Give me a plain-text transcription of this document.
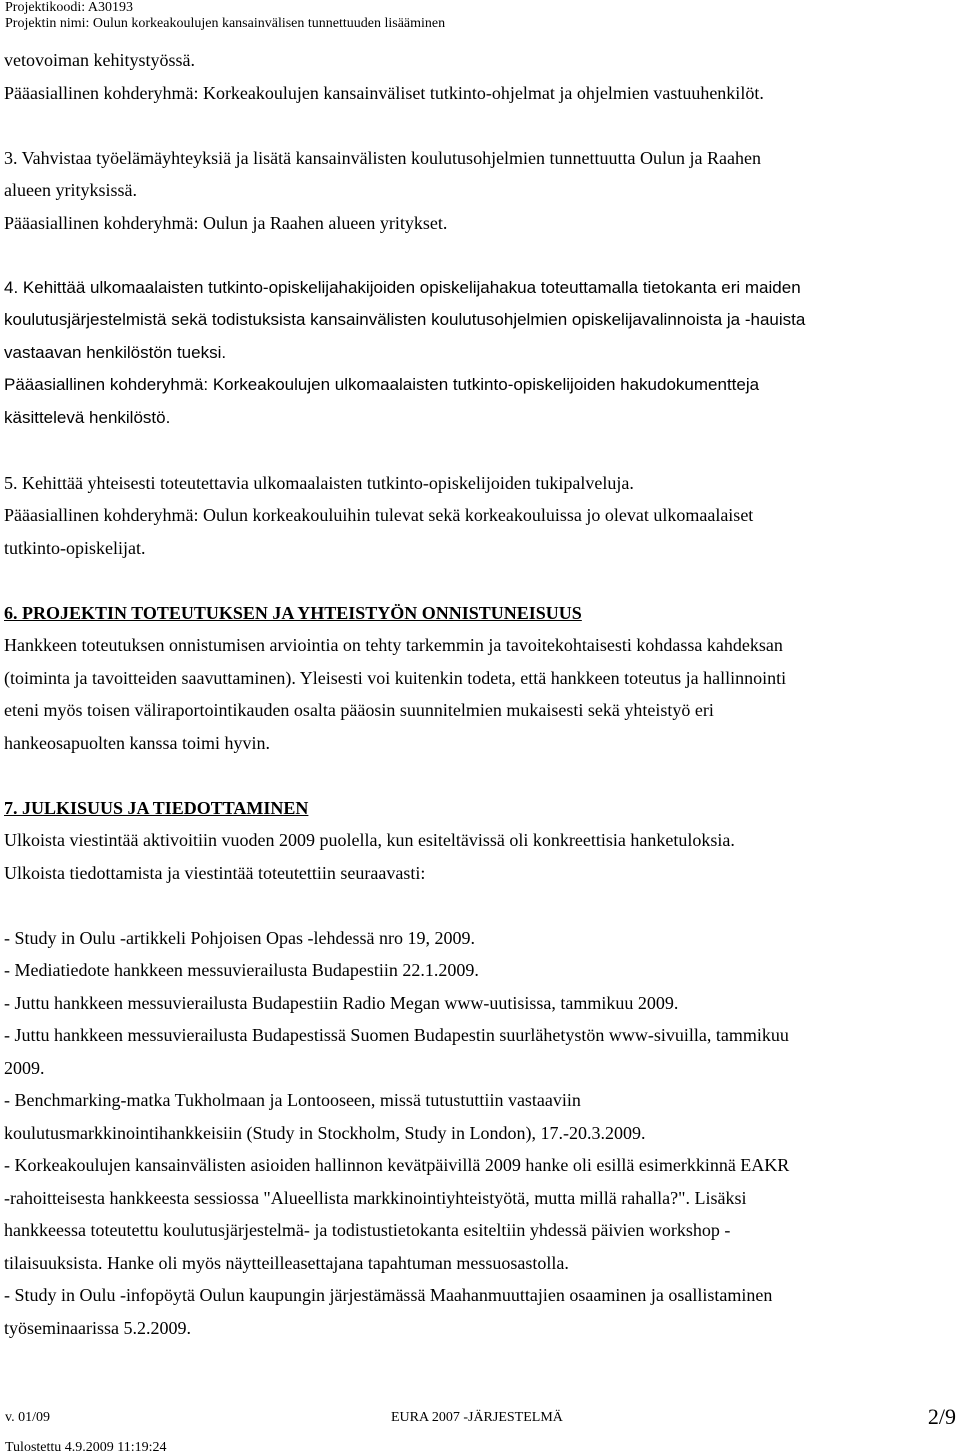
Projektikoodi: A30193
Projektin nimi: Oulun korkeakoulujen kansainvälisen tunnettuuden lisääminen

vetovoiman kehitystyössä.

Pääasiallinen kohderyhmä: Korkeakoulujen kansainväliset tutkinto-ohjelmat ja ohjelmien vastuuhenkilöt.

3. Vahvistaa työelämäyhteyksiä ja lisätä kansainvälisten koulutusohjelmien tunnettuutta Oulun ja Raahen

alueen yrityksissä.

Pääasiallinen kohderyhmä: Oulun ja Raahen alueen yritykset.

4. Kehittää ulkomaalaisten tutkinto-opiskelijahakijoiden opiskelijahakua toteuttamalla tietokanta eri maiden

koulutusjärjestelmistä sekä todistuksista kansainvälisten koulutusohjelmien opiskelijavalinnoista ja -hauista

vastaavan henkilöstön tueksi.

Pääasiallinen kohderyhmä: Korkeakoulujen ulkomaalaisten tutkinto-opiskelijoiden hakudokumentteja

käsittelevä henkilöstö.

5. Kehittää yhteisesti toteutettavia ulkomaalaisten tutkinto-opiskelijoiden tukipalveluja.

Pääasiallinen kohderyhmä: Oulun korkeakouluihin tulevat sekä korkeakouluissa jo olevat ulkomaalaiset

tutkinto-opiskelijat.

6. PROJEKTIN TOTEUTUKSEN JA YHTEISTYÖN ONNISTUNEISUUS

Hankkeen toteutuksen onnistumisen arviointia on tehty tarkemmin ja tavoitekohtaisesti kohdassa kahdeksan

(toiminta ja tavoitteiden saavuttaminen). Yleisesti voi kuitenkin todeta, että hankkeen toteutus ja hallinnointi

eteni myös toisen väliraportointikauden osalta pääosin suunnitelmien mukaisesti sekä yhteistyö eri

hankeosapuolten kanssa toimi hyvin.

7. JULKISUUS JA TIEDOTTAMINEN

Ulkoista viestintää aktivoitiin vuoden 2009 puolella, kun esiteltävissä oli konkreettisia hanketuloksia.

Ulkoista tiedottamista ja viestintää toteutettiin seuraavasti:

- Study in Oulu -artikkeli Pohjoisen Opas -lehdessä nro 19, 2009.

- Mediatiedote hankkeen messuvierailusta Budapestiin 22.1.2009.

- Juttu hankkeen messuvierailusta Budapestiin Radio Megan www-uutisissa, tammikuu 2009.

- Juttu hankkeen messuvierailusta Budapestissä Suomen Budapestin suurlähetystön www-sivuilla, tammikuu

2009.

- Benchmarking-matka Tukholmaan ja Lontooseen, missä tutustuttiin vastaaviin

koulutusmarkkinointihankkeisiin (Study in Stockholm, Study in London), 17.-20.3.2009.

- Korkeakoulujen kansainvälisten asioiden hallinnon kevätpäivillä 2009 hanke oli esillä esimerkkinnä EAKR

-rahoitteisesta hankkeesta sessiossa "Alueellista markkinointiyhteistyötä, mutta millä rahalla?". Lisäksi

hankkeessa toteutettu koulutusjärjestelmä- ja todistustietokanta esiteltiin yhdessä päivien workshop -

tilaisuuksista. Hanke oli myös näytteilleasettajana tapahtuman messuosastolla.

- Study in Oulu -infopöytä Oulun kaupungin järjestämässä Maahanmuuttajien osaaminen ja osallistaminen

työseminaarissa 5.2.2009.

v. 01/09
Tulostettu 4.9.2009 11:19:24
EURA 2007 -JÄRJESTELMÄ	2/9
